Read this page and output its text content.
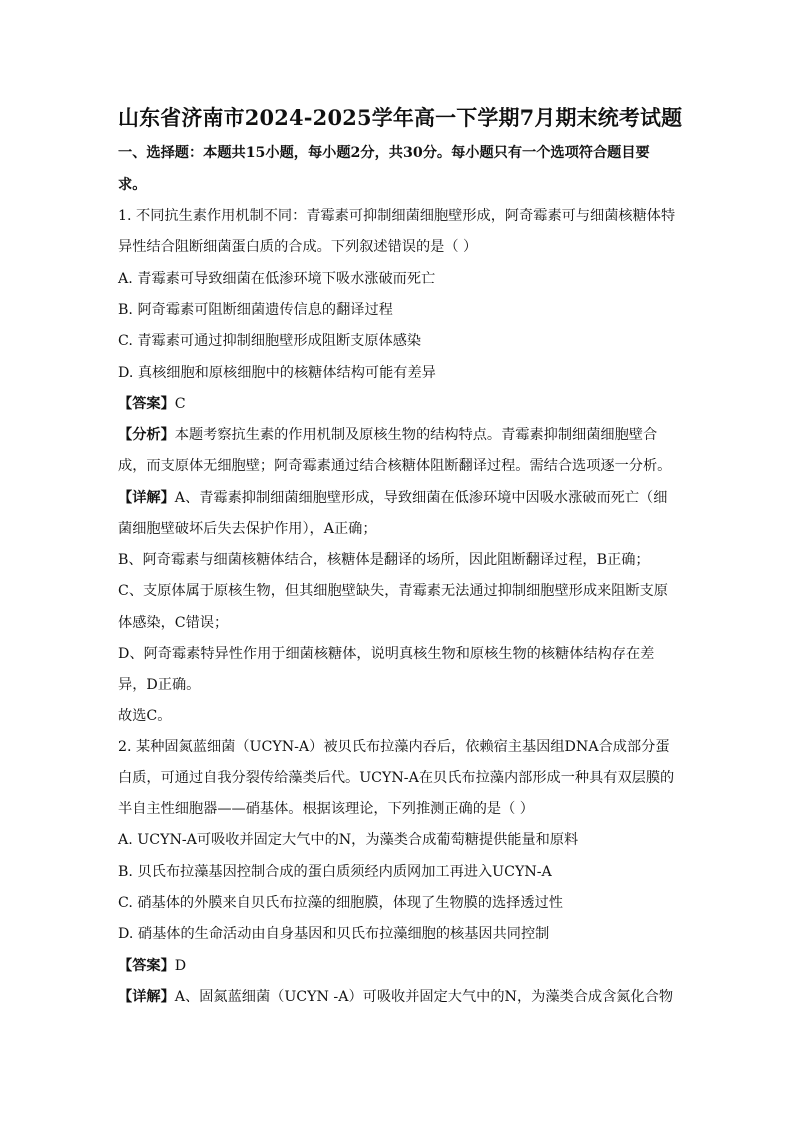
山东省济南市2024-2025学年高一下学期7月期末统考试题
一、选择题：本题共15小题，每小题2分，共30分。每小题只有一个选项符合题目要
求。
1. 不同抗生素作用机制不同：青霉素可抑制细菌细胞壁形成，阿奇霉素可与细菌核糖体特
异性结合阻断细菌蛋白质的合成。下列叙述错误的是（ ）
A. 青霉素可导致细菌在低渗环境下吸水涨破而死亡
B. 阿奇霉素可阻断细菌遗传信息的翻译过程
C. 青霉素可通过抑制细胞壁形成阻断支原体感染
D. 真核细胞和原核细胞中的核糖体结构可能有差异
【答案】C
【分析】本题考察抗生素的作用机制及原核生物的结构特点。青霉素抑制细菌细胞壁合
成，而支原体无细胞壁；阿奇霉素通过结合核糖体阻断翻译过程。需结合选项逐一分析。
【详解】A、青霉素抑制细菌细胞壁形成，导致细菌在低渗环境中因吸水涨破而死亡（细
菌细胞壁破坏后失去保护作用），A正确；
B、阿奇霉素与细菌核糖体结合，核糖体是翻译的场所，因此阻断翻译过程，B正确；
C、支原体属于原核生物，但其细胞壁缺失，青霉素无法通过抑制细胞壁形成来阻断支原
体感染，C错误；
D、阿奇霉素特异性作用于细菌核糖体，说明真核生物和原核生物的核糖体结构存在差
异，D正确。
故选C。
2. 某种固氮蓝细菌（UCYN-A）被贝氏布拉藻内吞后，依赖宿主基因组DNA合成部分蛋
白质，可通过自我分裂传给藻类后代。UCYN-A在贝氏布拉藻内部形成一种具有双层膜的
半自主性细胞器——硝基体。根据该理论，下列推测正确的是（ ）
A. UCYN-A可吸收并固定大气中的N，为藻类合成葡萄糖提供能量和原料
B. 贝氏布拉藻基因控制合成的蛋白质须经内质网加工再进入UCYN-A
C. 硝基体的外膜来自贝氏布拉藻的细胞膜，体现了生物膜的选择透过性
D. 硝基体的生命活动由自身基因和贝氏布拉藻细胞的核基因共同控制
【答案】D
【详解】A、固氮蓝细菌（UCYN -A）可吸收并固定大气中的N，为藻类合成含氮化合物
